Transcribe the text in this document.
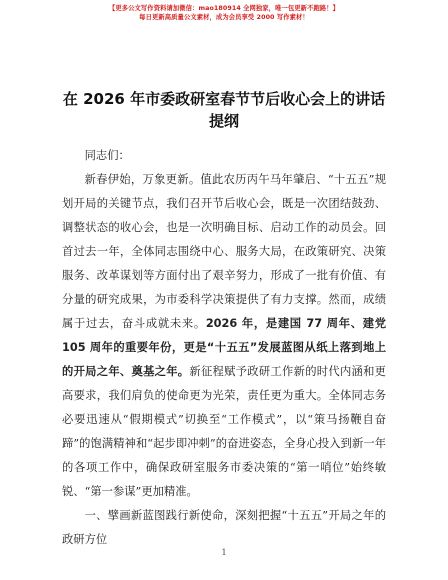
【更多公文写作资料请加微信：mao180914 全网独家，唯一包更新不跑路！】
每日更新高质量公文素材，成为会员享受 2000 写作素材！
在 2026 年市委政研室春节节后收心会上的讲话
提纲

同志们：

新春伊始，万象更新。值此农历丙午马年肇启、“十五五”规划开局的关键节点，我们召开节后收心会，既是一次团结鼓劲、调整状态的收心会，也是一次明确目标、启动工作的动员会。回首过去一年，全体同志围绕中心、服务大局，在政策研究、决策服务、改革谋划等方面付出了艰辛努力，形成了一批有价值、有分量的研究成果，为市委科学决策提供了有力支撑。然而，成绩属于过去，奋斗成就未来。2026 年，是建国 77 周年、建党 105 周年的重要年份，更是“十五五”发展蓝图从纸上落到地上的开局之年、奠基之年。新征程赋予政研工作新的时代内涵和更高要求，我们肩负的使命更为光荣，责任更为重大。全体同志务必要迅速从“假期模式”切换至“工作模式”，以“策马扬鞭自奋蹄”的饱满精神和“起步即冲刺”的奋进姿态，全身心投入到新一年的各项工作中，确保政研室服务市委决策的“第一哨位”始终敏锐、“第一参谋”更加精准。

一、擘画新蓝图践行新使命，深刻把握“十五五”开局之年的政研方位

1
